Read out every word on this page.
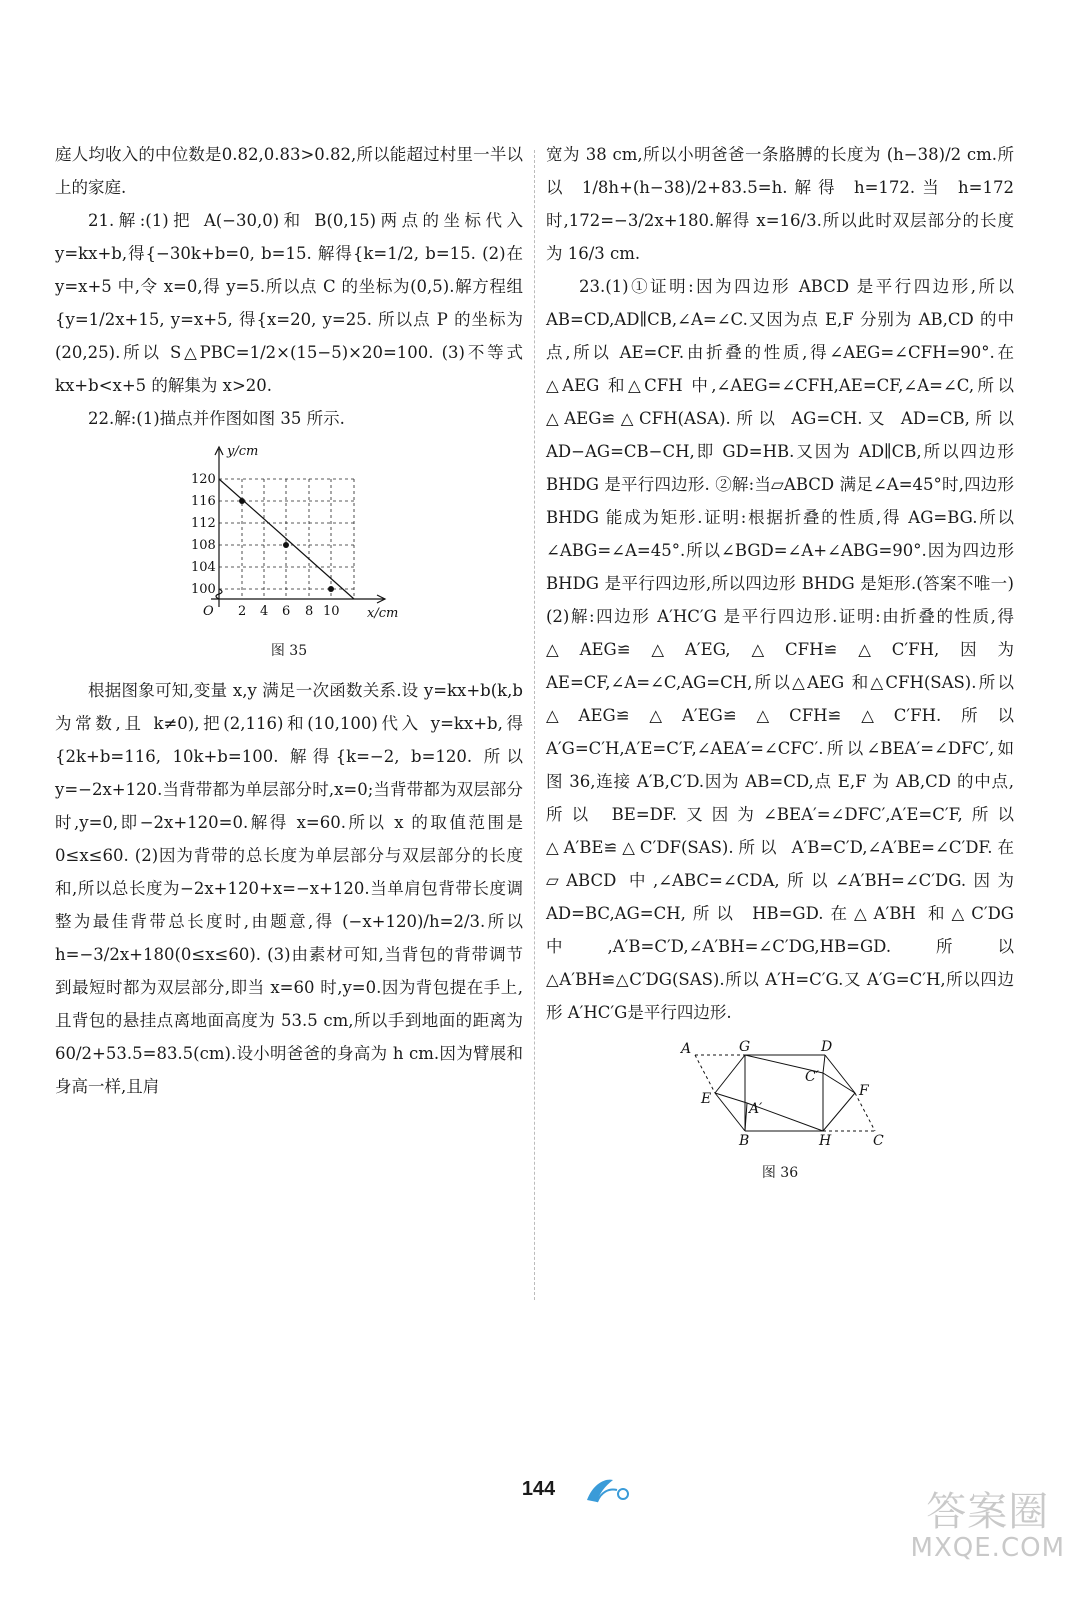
庭人均收入的中位数是0.82,0.83>0.82,所以能超过村里一半以上的家庭.

21.解:(1)把 A(−30,0)和 B(0,15)两点的坐标代入 y=kx+b,得{−30k+b=0, b=15. 解得{k=1/2, b=15. (2)在 y=x+5 中,令 x=0,得 y=5.所以点 C 的坐标为(0,5).解方程组{y=1/2x+15, y=x+5, 得{x=20, y=25. 所以点 P 的坐标为(20,25).所以 S△PBC=1/2×(15−5)×20=100. (3)不等式 kx+b<x+5 的解集为 x>20.

22.解:(1)描点并作图如图 35 所示.

y/cm
x/cm
O
100
104
108
112
116
120
2 4 6 8 10
图 35

根据图象可知,变量 x,y 满足一次函数关系.设 y=kx+b(k,b 为常数,且 k≠0),把(2,116)和(10,100)代入 y=kx+b,得{2k+b=116, 10k+b=100. 解得{k=−2, b=120. 所以 y=−2x+120.当背带都为单层部分时,x=0;当背带都为双层部分时,y=0,即−2x+120=0.解得 x=60.所以 x 的取值范围是 0≤x≤60. (2)因为背带的总长度为单层部分与双层部分的长度和,所以总长度为−2x+120+x=−x+120.当单肩包背带长度调整为最佳背带总长度时,由题意,得 (−x+120)/h=2/3.所以 h=−3/2x+180(0≤x≤60). (3)由素材可知,当背包的背带调节到最短时都为双层部分,即当 x=60 时,y=0.因为背包提在手上,且背包的悬挂点离地面高度为 53.5 cm,所以手到地面的距离为 60/2+53.5=83.5(cm).设小明爸爸的身高为 h cm.因为臂展和身高一样,且肩

宽为 38 cm,所以小明爸爸一条胳膊的长度为 (h−38)/2 cm.所以 1/8h+(h−38)/2+83.5=h.解得 h=172.当 h=172 时,172=−3/2x+180.解得 x=16/3.所以此时双层部分的长度为 16/3 cm.

23.(1)①证明:因为四边形 ABCD 是平行四边形,所以 AB=CD,AD∥CB,∠A=∠C.又因为点 E,F 分别为 AB,CD 的中点,所以 AE=CF.由折叠的性质,得∠AEG=∠CFH=90°.在△AEG 和△CFH 中,∠AEG=∠CFH,AE=CF,∠A=∠C,所以△AEG≌△CFH(ASA).所以 AG=CH.又 AD=CB,所以 AD−AG=CB−CH,即 GD=HB.又因为 AD∥CB,所以四边形 BHDG 是平行四边形. ②解:当▱ABCD 满足∠A=45°时,四边形 BHDG 能成为矩形.证明:根据折叠的性质,得 AG=BG.所以∠ABG=∠A=45°.所以∠BGD=∠A+∠ABG=90°.因为四边形 BHDG 是平行四边形,所以四边形 BHDG 是矩形.(答案不唯一) (2)解:四边形 A′HC′G 是平行四边形.证明:由折叠的性质,得△AEG≌△A′EG,△CFH≌△C′FH,因为 AE=CF,∠A=∠C,AG=CH,所以△AEG 和△CFH(SAS).所以△AEG≌△A′EG≌△CFH≌△C′FH.所以 A′G=C′H,A′E=C′F,∠AEA′=∠CFC′.所以∠BEA′=∠DFC′,如图 36,连接 A′B,C′D.因为 AB=CD,点 E,F 为 AB,CD 的中点,所以 BE=DF.又因为∠BEA′=∠DFC′,A′E=C′F,所以△A′BE≌△C′DF(SAS).所以 A′B=C′D,∠A′BE=∠C′DF.在▱ABCD 中,∠ABC=∠CDA,所以∠A′BH=∠C′DG.因为 AD=BC,AG=CH,所以 HB=GD.在△A′BH 和△C′DG 中,A′B=C′D,∠A′BH=∠C′DG,HB=GD.所以△A′BH≌△C′DG(SAS).所以 A′H=C′G.又 A′G=C′H,所以四边形 A′HC′G是平行四边形.

A	G	D
C′
F
E
A′
B	H	C
图 36
144	答案圈
MXQE.COM
